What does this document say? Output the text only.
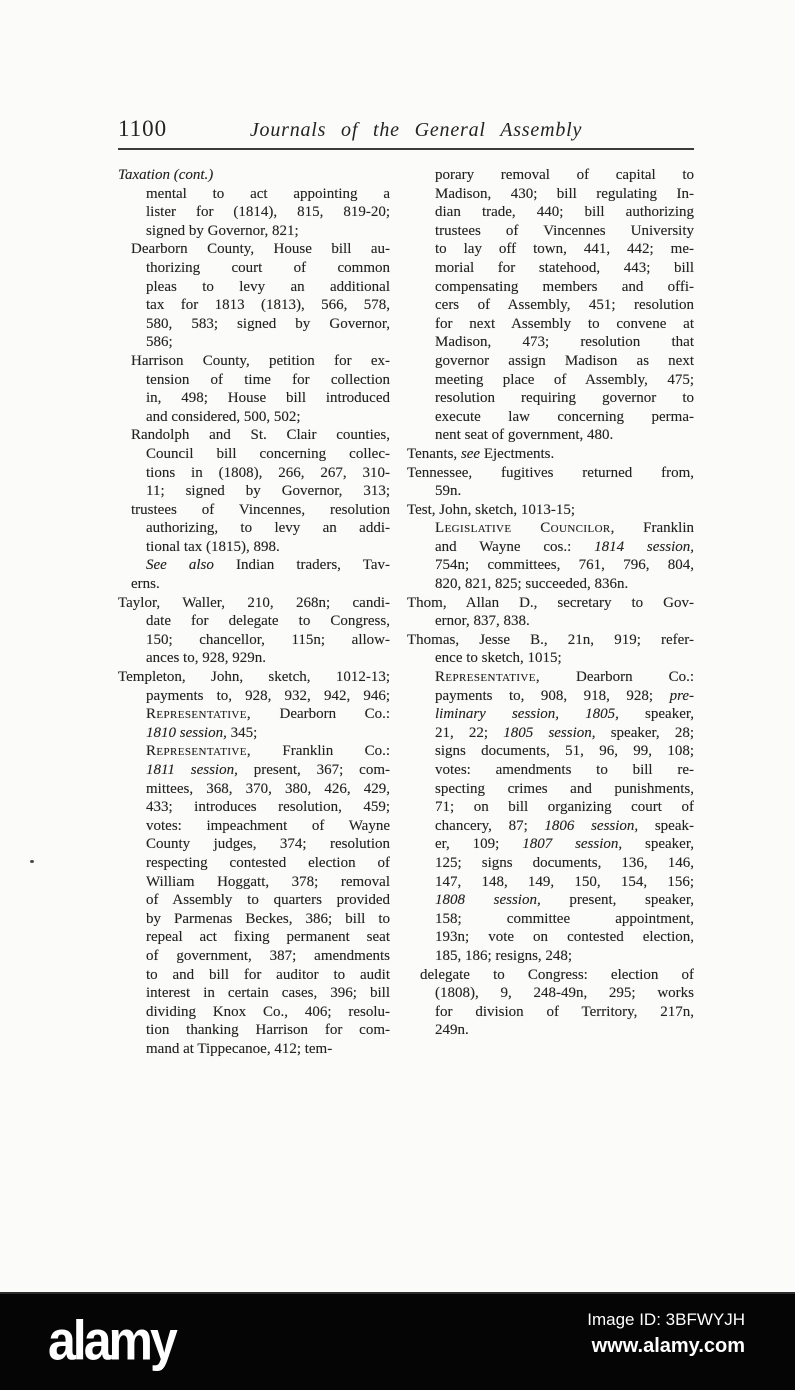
1100	Journals of the General Assembly
Taxation (cont.)
mental to act appointing a
lister for (1814), 815, 819-20;
signed by Governor, 821;
Dearborn County, House bill au-
thorizing court of common
pleas to levy an additional
tax for 1813 (1813), 566, 578,
580, 583; signed by Governor,
586;
Harrison County, petition for ex-
tension of time for collection
in, 498; House bill introduced
and considered, 500, 502;
Randolph and St. Clair counties,
Council bill concerning collec-
tions in (1808), 266, 267, 310-
11; signed by Governor, 313;
trustees of Vincennes, resolution
authorizing, to levy an addi-
tional tax (1815), 898.
See also Indian traders, Tav-
erns.
Taylor, Waller, 210, 268n; candi-
date for delegate to Congress,
150; chancellor, 115n; allow-
ances to, 928, 929n.
Templeton, John, sketch, 1012-13;
payments to, 928, 932, 942, 946;
Representative, Dearborn Co.:
1810 session, 345;
Representative, Franklin Co.:
1811 session, present, 367; com-
mittees, 368, 370, 380, 426, 429,
433; introduces resolution, 459;
votes: impeachment of Wayne
County judges, 374; resolution
respecting contested election of
William Hoggatt, 378; removal
of Assembly to quarters provided
by Parmenas Beckes, 386; bill to
repeal act fixing permanent seat
of government, 387; amendments
to and bill for auditor to audit
interest in certain cases, 396; bill
dividing Knox Co., 406; resolu-
tion thanking Harrison for com-
mand at Tippecanoe, 412; tem-
porary removal of capital to
Madison, 430; bill regulating In-
dian trade, 440; bill authorizing
trustees of Vincennes University
to lay off town, 441, 442; me-
morial for statehood, 443; bill
compensating members and offi-
cers of Assembly, 451; resolution
for next Assembly to convene at
Madison, 473; resolution that
governor assign Madison as next
meeting place of Assembly, 475;
resolution requiring governor to
execute law concerning perma-
nent seat of government, 480.
Tenants, see Ejectments.
Tennessee, fugitives returned from,
59n.
Test, John, sketch, 1013-15;
Legislative Councilor, Franklin
and Wayne cos.: 1814 session,
754n; committees, 761, 796, 804,
820, 821, 825; succeeded, 836n.
Thom, Allan D., secretary to Gov-
ernor, 837, 838.
Thomas, Jesse B., 21n, 919; refer-
ence to sketch, 1015;
Representative, Dearborn Co.:
payments to, 908, 918, 928; pre-
liminary session, 1805, speaker,
21, 22; 1805 session, speaker, 28;
signs documents, 51, 96, 99, 108;
votes: amendments to bill re-
specting crimes and punishments,
71; on bill organizing court of
chancery, 87; 1806 session, speak-
er, 109; 1807 session, speaker,
125; signs documents, 136, 146,
147, 148, 149, 150, 154, 156;
1808 session, present, speaker,
158; committee appointment,
193n; vote on contested election,
185, 186; resigns, 248;
delegate to Congress: election of
(1808), 9, 248-49n, 295; works
for division of Territory, 217n,
249n.
alamy	Image ID: 3BFWYJH
www.alamy.com
